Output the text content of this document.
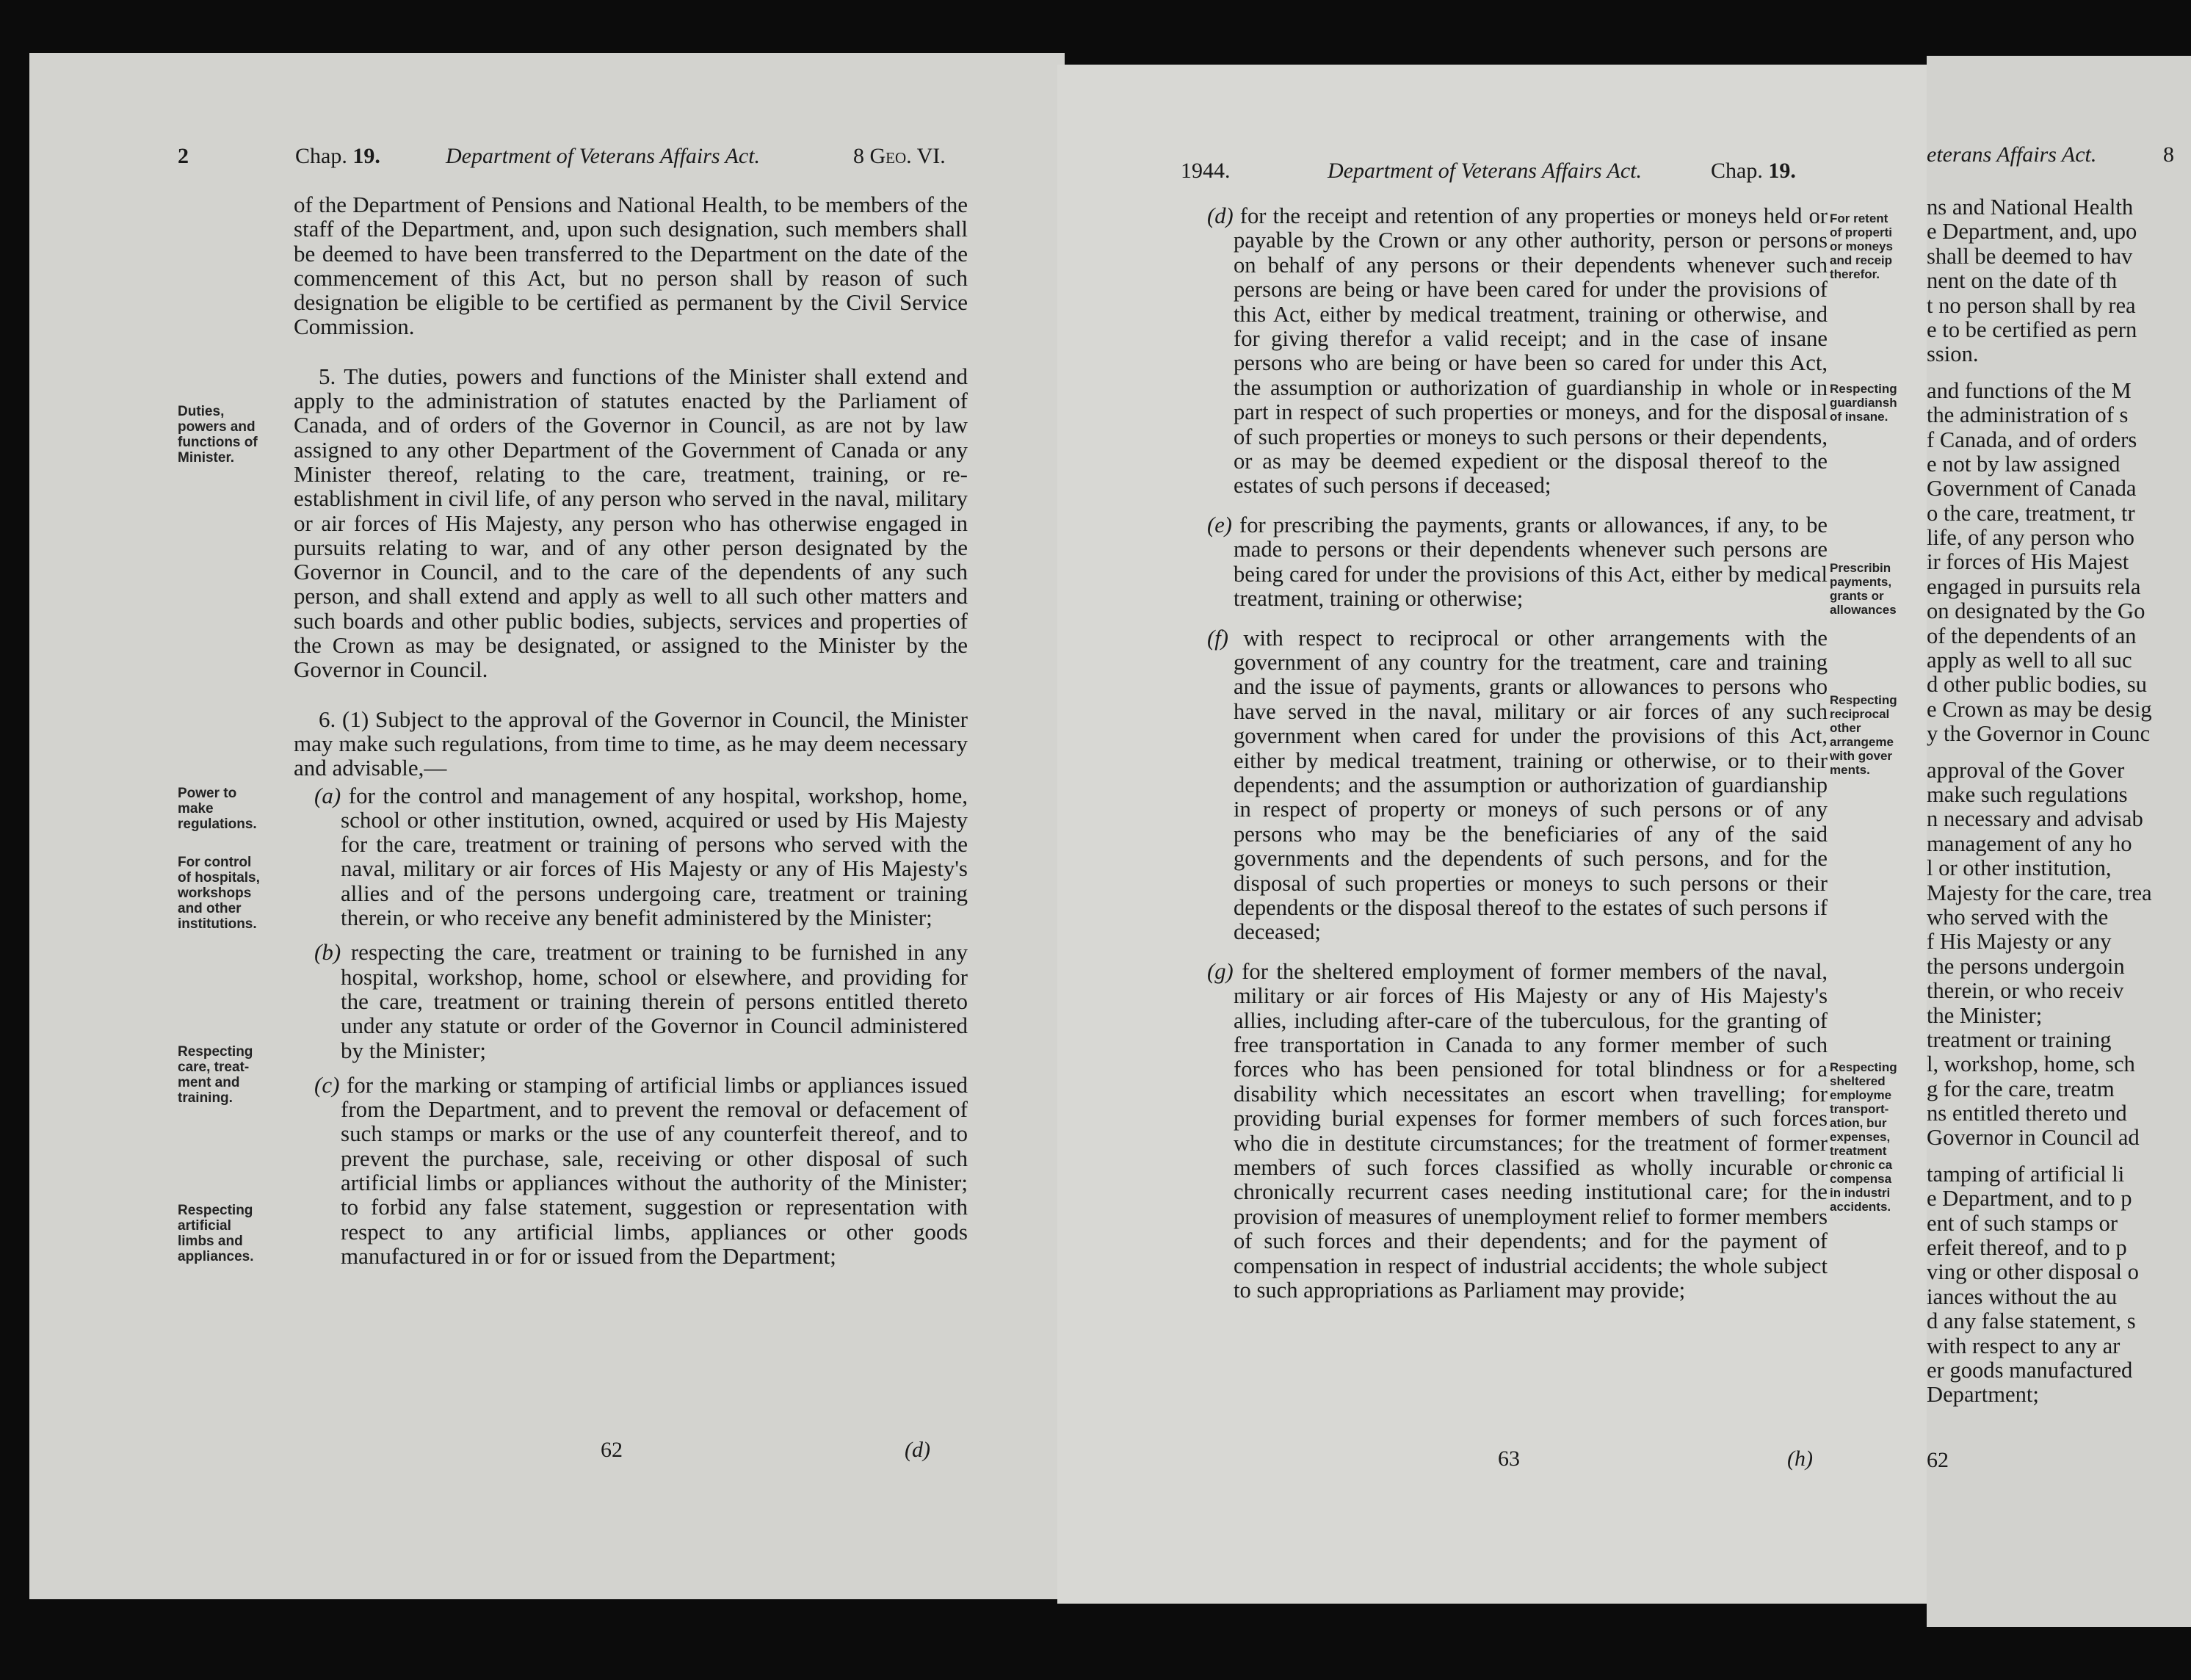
2	Chap. 19.	Department of Veterans Affairs Act.	8 Geo. VI.

of the Department of Pensions and National Health, to be members of the staff of the Department, and, upon such designation, such members shall be deemed to have been transferred to the Department on the date of the commencement of this Act, but no person shall by reason of such designation be eligible to be certified as permanent by the Civil Service Commission.

5. The duties, powers and functions of the Minister shall extend and apply to the administration of statutes enacted by the Parliament of Canada, and of orders of the Governor in Council, as are not by law assigned to any other Department of the Government of Canada or any Minister thereof, relating to the care, treatment, training, or re-establishment in civil life, of any person who served in the naval, military or air forces of His Majesty, any person who has otherwise engaged in pursuits relating to war, and of any other person designated by the Governor in Council, and to the care of the dependents of any such person, and shall extend and apply as well to all such other matters and such boards and other public bodies, subjects, services and properties of the Crown as may be designated, or assigned to the Minister by the Governor in Council.

6. (1) Subject to the approval of the Governor in Council, the Minister may make such regulations, from time to time, as he may deem necessary and advisable,—

(a) for the control and management of any hospital, workshop, home, school or other institution, owned, acquired or used by His Majesty for the care, treatment or training of persons who served with the naval, military or air forces of His Majesty or any of His Majesty's allies and of the persons undergoing care, treatment or training therein, or who receive any benefit administered by the Minister;
(b) respecting the care, treatment or training to be furnished in any hospital, workshop, home, school or elsewhere, and providing for the care, treatment or training therein of persons entitled thereto under any statute or order of the Governor in Council administered by the Minister;
(c) for the marking or stamping of artificial limbs or appliances issued from the Department, and to prevent the removal or defacement of such stamps or marks or the use of any counterfeit thereof, and to prevent the purchase, sale, receiving or other disposal of such artificial limbs or appliances without the authority of the Minister; to forbid any false statement, suggestion or representation with respect to any artificial limbs, appliances or other goods manufactured in or for or issued from the Department;
Duties,
powers and
functions of
Minister.
Power to
make
regulations.
For control
of hospitals,
workshops
and other
institutions.
Respecting
care, treat-
ment and
training.
Respecting
artificial
limbs and
appliances.
62	(d)
1944.	Department of Veterans Affairs Act.	Chap. 19.
(d) for the receipt and retention of any properties or moneys held or payable by the Crown or any other authority, person or persons on behalf of any persons or their dependents whenever such persons are being or have been cared for under the provisions of this Act, either by medical treatment, training or otherwise, and for giving therefor a valid receipt; and in the case of insane persons who are being or have been so cared for under this Act, the assumption or authorization of guardianship in whole or in part in respect of such properties or moneys, and for the disposal of such properties or moneys to such persons or their dependents, or as may be deemed expedient or the disposal thereof to the estates of such persons if deceased;
(e) for prescribing the payments, grants or allowances, if any, to be made to persons or their dependents whenever such persons are being cared for under the provisions of this Act, either by medical treatment, training or otherwise;
(f) with respect to reciprocal or other arrangements with the government of any country for the treatment, care and training and the issue of payments, grants or allowances to persons who have served in the naval, military or air forces of any such government when cared for under the provisions of this Act, either by medical treatment, training or otherwise, or to their dependents; and the assumption or authorization of guardianship in respect of property or moneys of such persons or of any persons who may be the beneficiaries of any of the said governments and the dependents of such persons, and for the disposal of such properties or moneys to such persons or their dependents or the disposal thereof to the estates of such persons if deceased;
(g) for the sheltered employment of former members of the naval, military or air forces of His Majesty or any of His Majesty's allies, including after-care of the tuberculous, for the granting of free transportation in Canada to any former member of such forces who has been pensioned for total blindness or for a disability which necessitates an escort when travelling; for providing burial expenses for former members of such forces who die in destitute circumstances; for the treatment of former members of such forces classified as wholly incurable or chronically recurrent cases needing institutional care; for the provision of measures of unemployment relief to former members of such forces and their dependents; and for the payment of compensation in respect of industrial accidents; the whole subject to such appropriations as Parliament may provide;
For retent
of properti
or moneys
and receip
therefor.
Respecting
guardiansh
of insane.
Prescribin
payments,
grants or
allowances
Respecting
reciprocal
other
arrangeme
with gover
ments.
Respecting
sheltered
employme
transport-
ation, bur
expenses,
treatment
chronic ca
compensa
in industri
accidents.
63	(h)
eterans Affairs Act.	8
ns and National Health
e Department, and, upo
shall be deemed to hav
nent on the date of th
t no person shall by rea
e to be certified as pern
ssion.
and functions of the M
the administration of s
f Canada, and of orders
e not by law assigned
Government of Canada
o the care, treatment, tr
life, of any person who
ir forces of His Majest
engaged in pursuits rela
on designated by the Go
of the dependents of an
apply as well to all suc
d other public bodies, su
e Crown as may be desig
y the Governor in Counc
approval of the Gover
make such regulations
n necessary and advisab
management of any ho
l or other institution,
Majesty for the care, trea
who served with the
f His Majesty or any
the persons undergoin
therein, or who receiv
the Minister;
treatment or training
l, workshop, home, sch
g for the care, treatm
ns entitled thereto und
Governor in Council ad
tamping of artificial li
e Department, and to p
ent of such stamps or
erfeit thereof, and to p
ving or other disposal o
iances without the au
d any false statement, s
with respect to any ar
er goods manufactured
Department;
62
